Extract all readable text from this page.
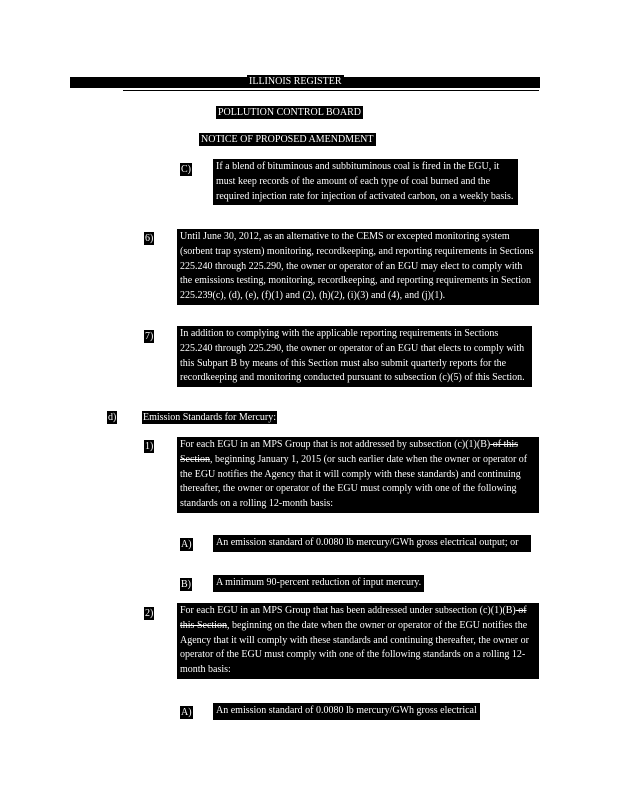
ILLINOIS REGISTER
POLLUTION CONTROL BOARD
NOTICE OF PROPOSED AMENDMENT
C)	If a blend of bituminous and subbituminous coal is fired in the EGU, it must keep records of the amount of each type of coal burned and the required injection rate for injection of activated carbon, on a weekly basis.
6)	Until June 30, 2012, as an alternative to the CEMS or excepted monitoring system (sorbent trap system) monitoring, recordkeeping, and reporting requirements in Sections 225.240 through 225.290, the owner or operator of an EGU may elect to comply with the emissions testing, monitoring, recordkeeping, and reporting requirements in Section 225.239(c), (d), (e), (f)(1) and (2), (h)(2), (i)(3) and (4), and (j)(1).
7)	In addition to complying with the applicable reporting requirements in Sections 225.240 through 225.290, the owner or operator of an EGU that elects to comply with this Subpart B by means of this Section must also submit quarterly reports for the recordkeeping and monitoring conducted pursuant to subsection (c)(5) of this Section.
d)	Emission Standards for Mercury:
1)	For each EGU in an MPS Group that is not addressed by subsection (c)(1)(B) of this Section, beginning January 1, 2015 (or such earlier date when the owner or operator of the EGU notifies the Agency that it will comply with these standards) and continuing thereafter, the owner or operator of the EGU must comply with one of the following standards on a rolling 12-month basis:
A)	An emission standard of 0.0080 lb mercury/GWh gross electrical output; or
B)	A minimum 90-percent reduction of input mercury.
2)	For each EGU in an MPS Group that has been addressed under subsection (c)(1)(B) of this Section, beginning on the date when the owner or operator of the EGU notifies the Agency that it will comply with these standards and continuing thereafter, the owner or operator of the EGU must comply with one of the following standards on a rolling 12-month basis:
A)	An emission standard of 0.0080 lb mercury/GWh gross electrical
